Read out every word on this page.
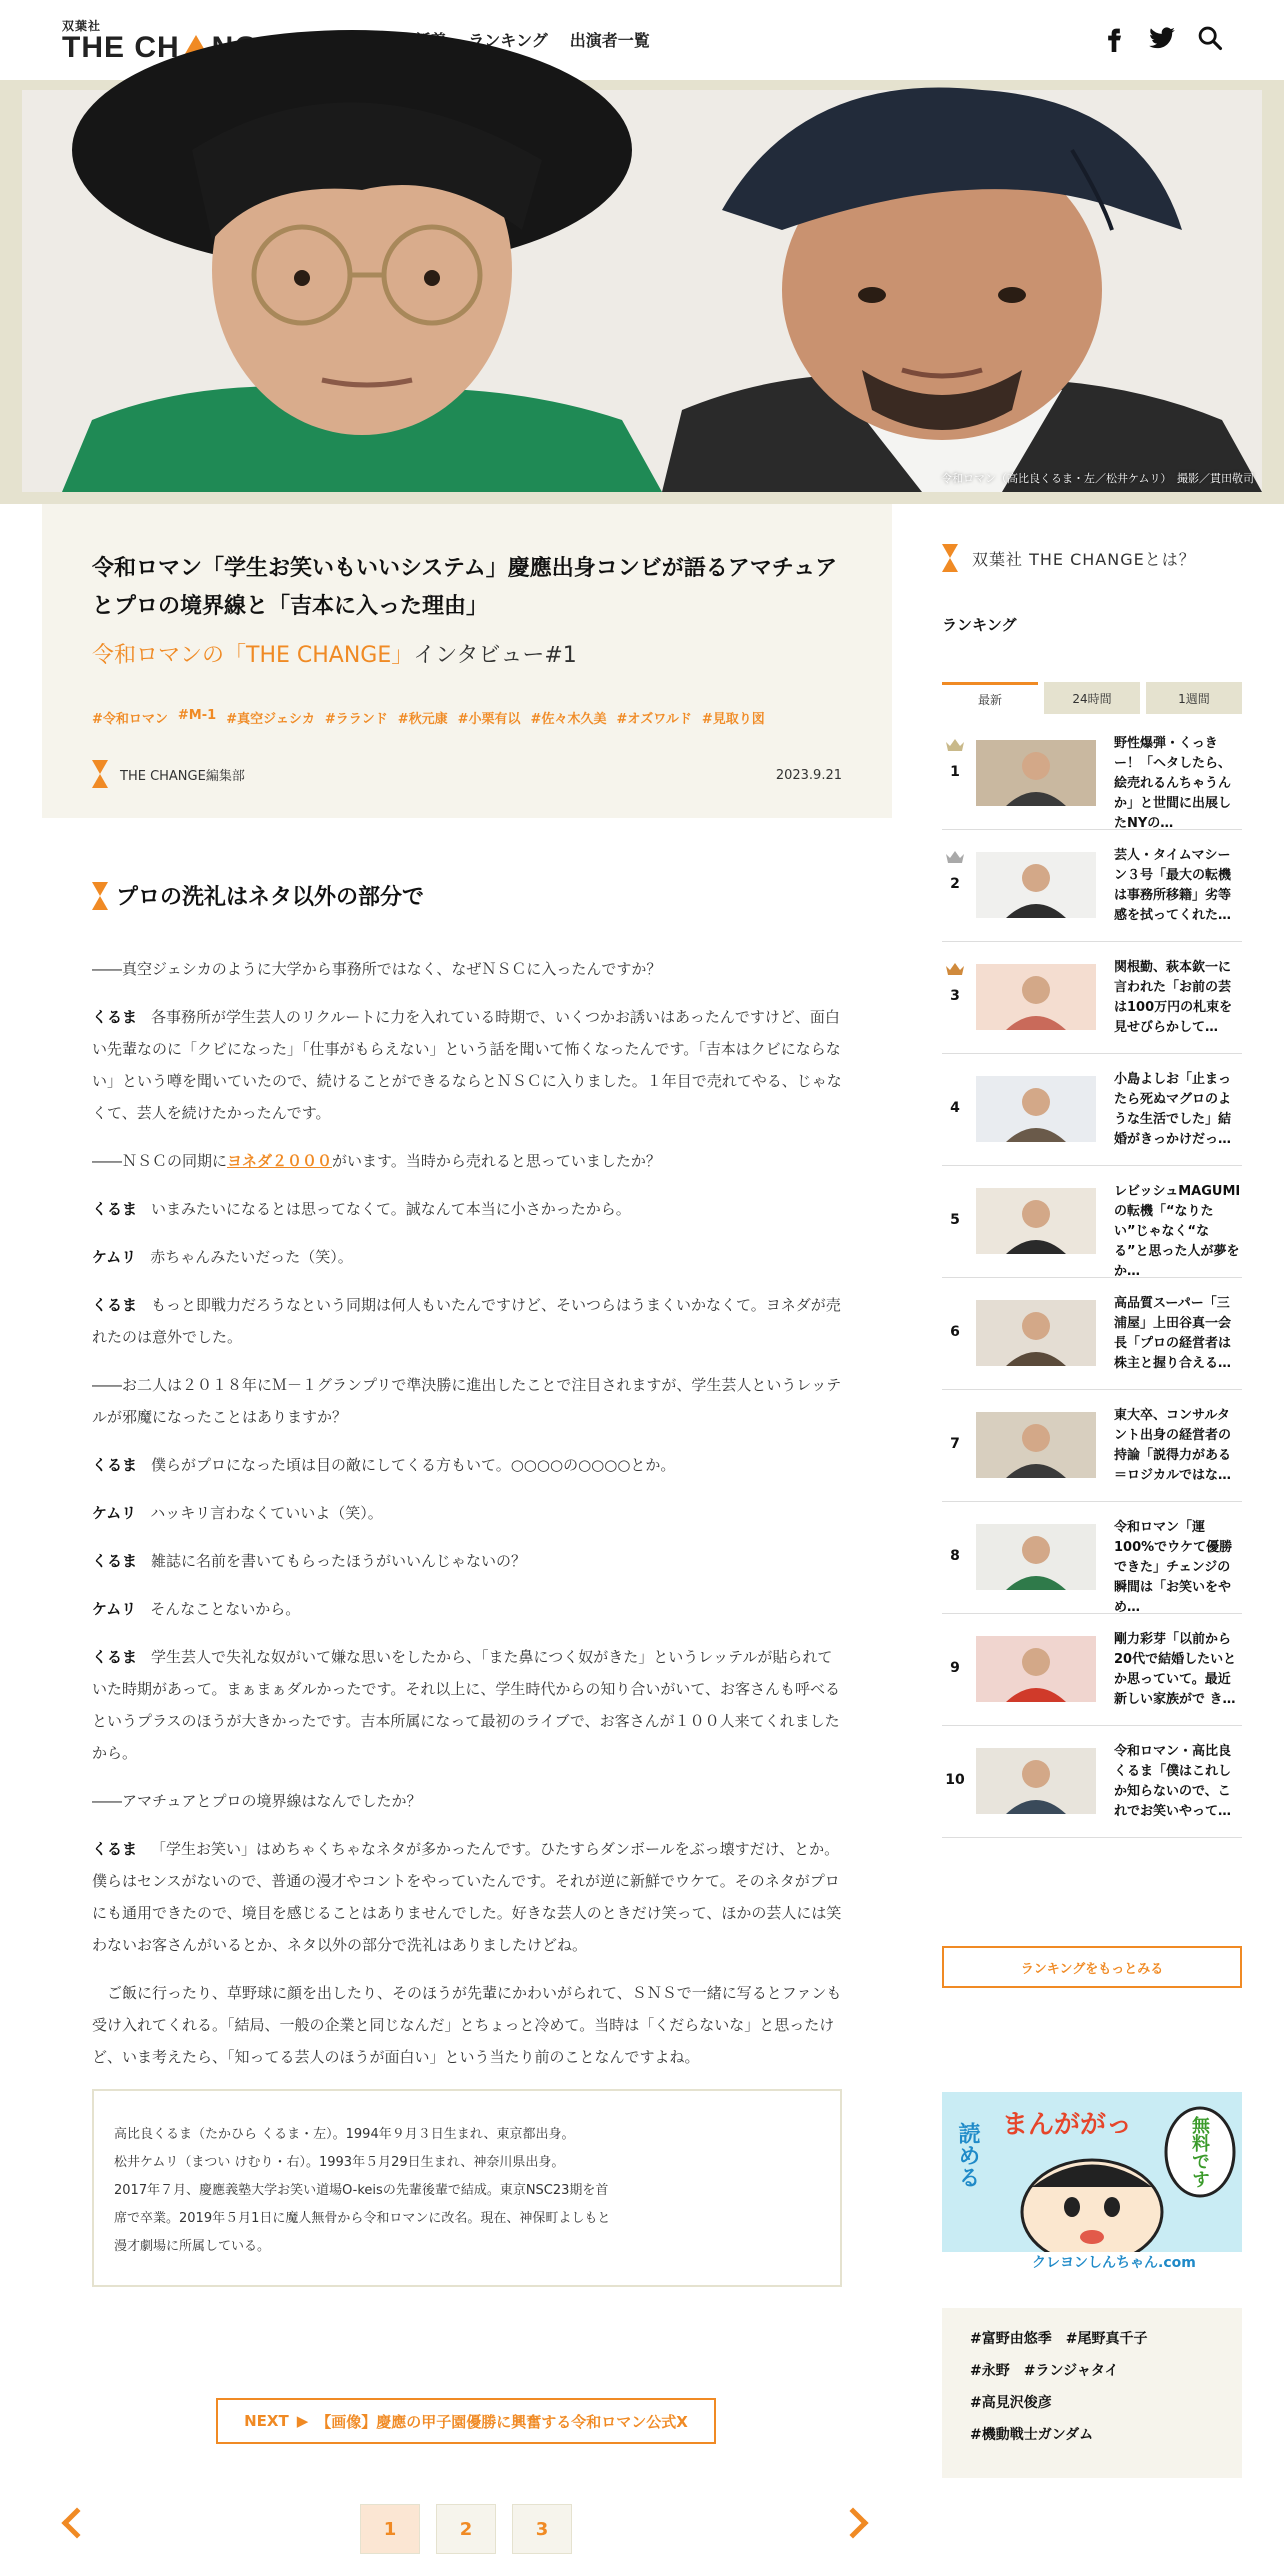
双葉社
THE CH	ランキング 出演者一覧
令和ロマン（高比良くるま・左／松井ケムリ）　撮影／貫田敬司
令和ロマン「学生お笑いもいいシステム」慶應出身コンビが語るアマチュアとプロの境界線と「吉本に入った理由」
令和ロマンの「THE CHANGE」インタビュー#1
#令和ロマン #M-1 #真空ジェシカ #ラランド #秋元康 #小栗有以 #佐々木久美 #オズワルド #見取り図
THE CHANGE編集部	2023.9.21
プロの洗礼はネタ以外の部分で

――真空ジェシカのように大学から事務所ではなく、なぜＮＳＣに入ったんですか？

くるま 各事務所が学生芸人のリクルートに力を入れている時期で、いくつかお誘いはあったんですけど、面白い先輩なのに「クビになった」「仕事がもらえない」という話を聞いて怖くなったんです。「吉本はクビにならない」という噂を聞いていたので、続けることができるならとＮＳＣに入りました。１年目で売れてやる、じゃなくて、芸人を続けたかったんです。

――ＮＳＣの同期にヨネダ２０００がいます。当時から売れると思っていましたか？

くるま いまみたいになるとは思ってなくて。誠なんて本当に小さかったから。

ケムリ 赤ちゃんみたいだった（笑）。

くるま もっと即戦力だろうなという同期は何人もいたんですけど、そいつらはうまくいかなくて。ヨネダが売れたのは意外でした。

――お二人は２０１８年にＭ－１グランプリで準決勝に進出したことで注目されますが、学生芸人というレッテルが邪魔になったことはありますか？

くるま 僕らがプロになった頃は目の敵にしてくる方もいて。○○○○の○○○○とか。

ケムリ ハッキリ言わなくていいよ（笑）。

くるま 雑誌に名前を書いてもらったほうがいいんじゃないの？

ケムリ そんなことないから。

くるま 学生芸人で失礼な奴がいて嫌な思いをしたから、「また鼻につく奴がきた」というレッテルが貼られていた時期があって。まぁまぁダルかったです。それ以上に、学生時代からの知り合いがいて、お客さんも呼べるというプラスのほうが大きかったです。吉本所属になって最初のライブで、お客さんが１００人来てくれましたから。

――アマチュアとプロの境界線はなんでしたか？

くるま 「学生お笑い」はめちゃくちゃなネタが多かったんです。ひたすらダンボールをぶっ壊すだけ、とか。僕らはセンスがないので、普通の漫才やコントをやっていたんです。それが逆に新鮮でウケて。そのネタがプロにも通用できたので、境目を感じることはありませんでした。好きな芸人のときだけ笑って、ほかの芸人には笑わないお客さんがいるとか、ネタ以外の部分で洗礼はありましたけどね。

ご飯に行ったり、草野球に顔を出したり、そのほうが先輩にかわいがられて、ＳＮＳで一緒に写るとファンも受け入れてくれる。「結局、一般の企業と同じなんだ」とちょっと冷めて。当時は「くだらないな」と思ったけど、いま考えたら、「知ってる芸人のほうが面白い」という当たり前のことなんですよね。

高比良くるま（たかひら くるま・左）。1994年９月３日生まれ、東京都出身。
松井ケムリ（まつい けむり・右）。1993年５月29日生まれ、神奈川県出身。
2017年７月、慶應義塾大学お笑い道場O-keisの先輩後輩で結成。東京NSC23期を首
席で卒業。2019年５月1日に魔人無骨から令和ロマンに改名。現在、神保町よしもと
漫才劇場に所属している。
NEXT ▶ 【画像】慶應の甲子園優勝に興奮する令和ロマン公式X
1	2	3
双葉社 THE CHANGEとは？
ランキング
最新	24時間	1週間
1
野性爆弾・くっきー！「ヘタしたら、絵売れるんちゃうんか」と世間に出展したNYの…
2
芸人・タイムマシーン３号「最大の転機は事務所移籍」劣等感を拭ってくれた…
3
関根勤、萩本欽一に言われた「お前の芸は100万円の札束を見せびらかして…
4
小島よしお「止まったら死ぬマグロのような生活でした」結婚がきっかけだっ…
5
レビッシュMAGUMI の転機「“なりたい”じゃなく“な る”と思った人が夢をか…
6
高品質スーパー「三浦屋」上田谷真一会長「プロの経営者は株主と握り合える…
7
東大卒、コンサルタント出身の経営者の持論「説得力がある＝ロジカルではな…
8
令和ロマン「運100%でウケて優勝できた」チェンジの瞬間は「お笑いをやめ…
9
剛力彩芽「以前から20代で結婚したいとか思っていて。最近新しい家族がで き…
10
令和ロマン・高比良くるま「僕はこれしか知らないので、これでお笑いやって…
ランキングをもっとみる
読める まんががっ	無料です
クレヨンしんちゃん.com
#富野由悠季 #尾野真千子
#永野 #ランジャタイ
#高見沢俊彦
#機動戦士ガンダム
